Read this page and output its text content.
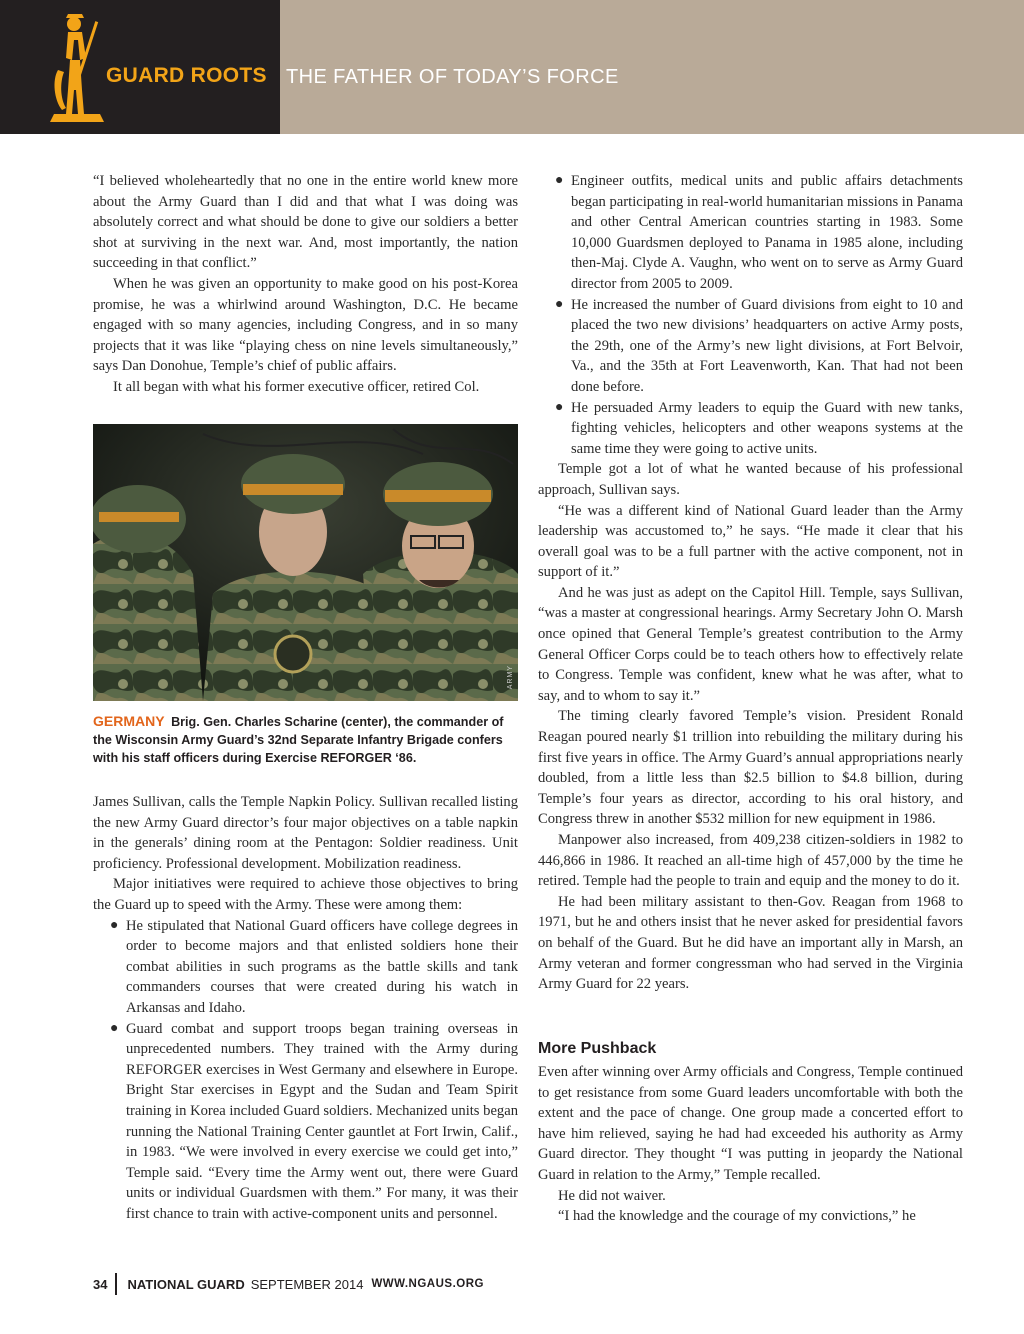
GUARD ROOTS THE FATHER OF TODAY’S FORCE

“I believed wholeheartedly that no one in the entire world knew more about the Army Guard than I did and that what I was doing was absolutely correct and what should be done to give our soldiers a better shot at surviving in the next war. And, most importantly, the nation succeeding in that conflict.”

When he was given an opportunity to make good on his post-Korea promise, he was a whirlwind around Washington, D.C. He became engaged with so many agencies, including Congress, and in so many projects that it was like “playing chess on nine levels simultaneously,” says Dan Donohue, Temple’s chief of public affairs.

It all began with what his former executive officer, retired Col.

ARMY
GERMANY Brig. Gen. Charles Scharine (center), the commander of the Wisconsin Army Guard’s 32nd Separate Infantry Brigade confers with his staff officers during Exercise REFORGER ‘86.

James Sullivan, calls the Temple Napkin Policy. Sullivan recalled listing the new Army Guard director’s four major objectives on a table napkin in the generals’ dining room at the Pentagon: Soldier readiness. Unit proficiency. Professional development. Mobilization readiness.

Major initiatives were required to achieve those objectives to bring the Guard up to speed with the Army. These were among them:

● He stipulated that National Guard officers have college degrees in order to become majors and that enlisted soldiers hone their combat abilities in such programs as the battle skills and tank commanders courses that were created during his watch in Arkansas and Idaho.
● Guard combat and support troops began training overseas in unprecedented numbers. They trained with the Army during REFORGER exercises in West Germany and elsewhere in Europe. Bright Star exercises in Egypt and the Sudan and Team Spirit training in Korea included Guard soldiers. Mechanized units began running the National Training Center gauntlet at Fort Irwin, Calif., in 1983. “We were involved in every exercise we could get into,” Temple said. “Every time the Army went out, there were Guard units or individual Guardsmen with them.” For many, it was their first chance to train with active-component units and personnel.
● Engineer outfits, medical units and public affairs detachments began participating in real-world humanitarian missions in Panama and other Central American countries starting in 1983. Some 10,000 Guardsmen deployed to Panama in 1985 alone, including then-Maj. Clyde A. Vaughn, who went on to serve as Army Guard director from 2005 to 2009.
● He increased the number of Guard divisions from eight to 10 and placed the two new divisions’ headquarters on active Army posts, the 29th, one of the Army’s new light divisions, at Fort Belvoir, Va., and the 35th at Fort Leavenworth, Kan. That had not been done before.
● He persuaded Army leaders to equip the Guard with new tanks, fighting vehicles, helicopters and other weapons systems at the same time they were going to active units.

Temple got a lot of what he wanted because of his professional approach, Sullivan says.

“He was a different kind of National Guard leader than the Army leadership was accustomed to,” he says. “He made it clear that his overall goal was to be a full partner with the active component, not in support of it.”

And he was just as adept on the Capitol Hill. Temple, says Sullivan, “was a master at congressional hearings. Army Secretary John O. Marsh once opined that General Temple’s greatest contribution to the Army General Officer Corps could be to teach others how to effectively relate to Congress. Temple was confident, knew what he was after, what to say, and to whom to say it.”

The timing clearly favored Temple’s vision. President Ronald Reagan poured nearly $1 trillion into rebuilding the military during his first five years in office. The Army Guard’s annual appropriations nearly doubled, from a little less than $2.5 billion to $4.8 billion, during Temple’s four years as director, according to his oral history, and Congress threw in another $532 million for new equipment in 1986.

Manpower also increased, from 409,238 citizen-soldiers in 1982 to 446,866 in 1986. It reached an all-time high of 457,000 by the time he retired. Temple had the people to train and equip and the money to do it.

He had been military assistant to then-Gov. Reagan from 1968 to 1971, but he and others insist that he never asked for presidential favors on behalf of the Guard. But he did have an important ally in Marsh, an Army veteran and former congressman who had served in the Virginia Army Guard for 22 years.

More Pushback

Even after winning over Army officials and Congress, Temple continued to get resistance from some Guard leaders uncomfortable with both the extent and the pace of change. One group made a concerted effort to have him relieved, saying he had had exceeded his authority as Army Guard director. They thought “I was putting in jeopardy the National Guard in relation to the Army,” Temple recalled.

He did not waiver.

“I had the knowledge and the courage of my convictions,” he

34 NATIONAL GUARD SEPTEMBER 2014 WWW.NGAUS.ORG
